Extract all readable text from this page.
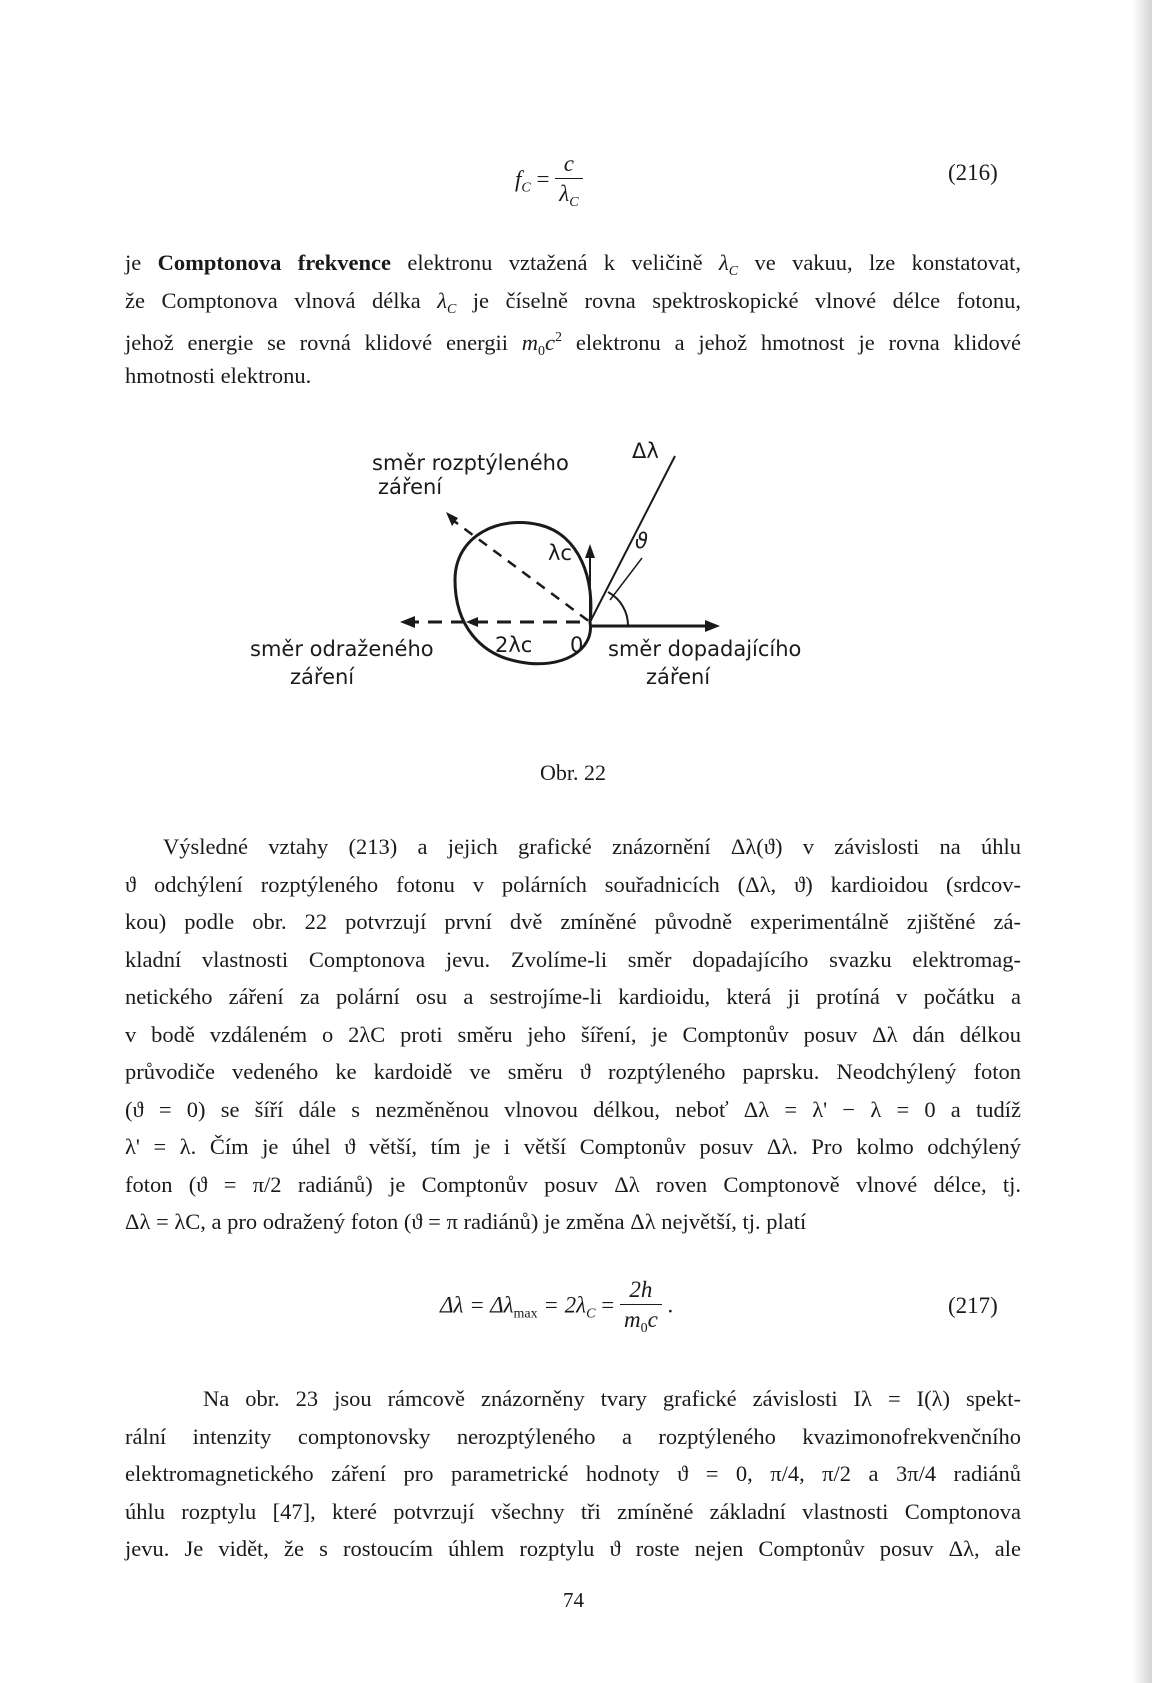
$f_C = \frac{c}{\lambda_C}$	(216)
je Comptonova frekvence elektronu vztažená k veličině $\lambda_C$ ve vakuu, lze konstatovat,
že Comptonova vlnová délka $\lambda_C$ je číselně rovna spektroskopické vlnové délce fotonu,
jehož energie se rovná klidové energii $m_0c^2$ elektronu a jehož hmotnost je rovna klidové
hmotnosti elektronu.
Δλ
ϑ
λc
směr rozptýleného
záření
směr odraženého
záření
směr dopadajícího
záření
2λc 0
Obr. 22
Výsledné vztahy (213) a jejich grafické znázornění Δλ(ϑ) v závislosti na úhlu
ϑ odchýlení rozptýleného fotonu v polárních souřadnicích (Δλ, ϑ) kardioidou (srdcov-
kou) podle obr. 22 potvrzují první dvě zmíněné původně experimentálně zjištěné zá-
kladní vlastnosti Comptonova jevu. Zvolíme-li směr dopadajícího svazku elektromag-
netického záření za polární osu a sestrojíme-li kardioidu, která ji protíná v počátku a
v bodě vzdáleném o 2λC proti směru jeho šíření, je Comptonův posuv Δλ dán délkou
průvodiče vedeného ke kardoidě ve směru ϑ rozptýleného paprsku. Neodchýlený foton
(ϑ = 0) se šíří dále s nezměněnou vlnovou délkou, neboť Δλ = λ' − λ = 0 a tudíž
λ' = λ. Čím je úhel ϑ větší, tím je i větší Comptonův posuv Δλ. Pro kolmo odchýlený
foton (ϑ = π/2 radiánů) je Comptonův posuv Δλ roven Comptonově vlnové délce, tj.
Δλ = λC, a pro odražený foton (ϑ = π radiánů) je změna Δλ největší, tj. platí
$\Delta\lambda = \Delta\lambda_{max} = 2\lambda_C = \frac{2h}{m_0c}$ .	(217)
Na obr. 23 jsou rámcově znázorněny tvary grafické závislosti Iλ = I(λ) spekt-
rální intenzity comptonovsky nerozptýleného a rozptýleného kvazimonofrekvenčního
elektromagnetického záření pro parametrické hodnoty ϑ = 0, π/4, π/2 a 3π/4 radiánů
úhlu rozptylu [47], které potvrzují všechny tři zmíněné základní vlastnosti Comptonova
jevu. Je vidět, že s rostoucím úhlem rozptylu ϑ roste nejen Comptonův posuv Δλ, ale
74
